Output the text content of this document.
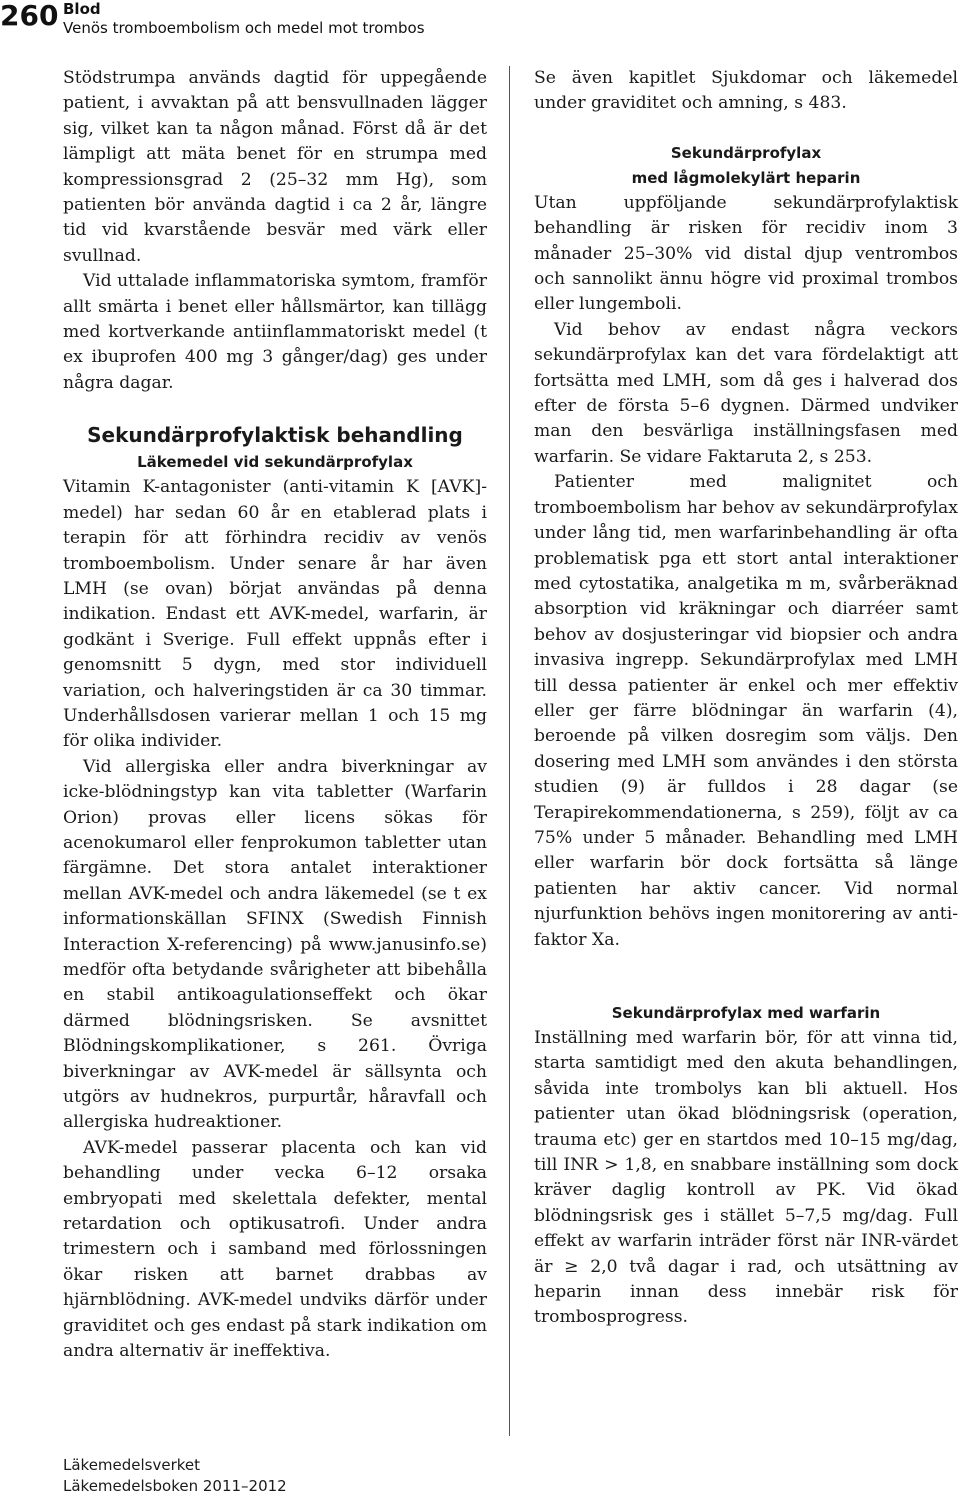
260 Blod
Venös tromboembolism och medel mot trombos

Stödstrumpa används dagtid för uppegående patient, i avvaktan på att bensvullnaden lägger sig, vilket kan ta någon månad. Först då är det lämpligt att mäta benet för en strumpa med kompressionsgrad 2 (25–32 mm Hg), som patienten bör använda dagtid i ca 2 år, längre tid vid kvarstående besvär med värk eller svullnad.

Vid uttalade inflammatoriska symtom, framför allt smärta i benet eller hållsmärtor, kan tillägg med kortverkande antiinflammatoriskt medel (t ex ibuprofen 400 mg 3 gånger/dag) ges under några dagar.

Sekundärprofylaktisk behandling
Läkemedel vid sekundärprofylax

Vitamin K-antagonister (anti-vitamin K [AVK]-medel) har sedan 60 år en etablerad plats i terapin för att förhindra recidiv av venös tromboembolism. Under senare år har även LMH (se ovan) börjat användas på denna indikation. Endast ett AVK-medel, warfarin, är godkänt i Sverige. Full effekt uppnås efter i genomsnitt 5 dygn, med stor individuell variation, och halveringstiden är ca 30 timmar. Underhållsdosen varierar mellan 1 och 15 mg för olika individer.

Vid allergiska eller andra biverkningar av icke-blödningstyp kan vita tabletter (Warfarin Orion) provas eller licens sökas för acenokumarol eller fenprokumon tabletter utan färgämne. Det stora antalet interaktioner mellan AVK-medel och andra läkemedel (se t ex informationskällan SFINX (Swedish Finnish Interaction X-referencing) på www.janusinfo.se) medför ofta betydande svårigheter att bibehålla en stabil antikoagulationseffekt och ökar därmed blödningsrisken. Se avsnittet Blödningskomplikationer, s 261. Övriga biverkningar av AVK-medel är sällsynta och utgörs av hudnekros, purpurtår, håravfall och allergiska hudreaktioner.

AVK-medel passerar placenta och kan vid behandling under vecka 6–12 orsaka embryopati med skelettala defekter, mental retardation och optikusatrofi. Under andra trimestern och i samband med förlossningen ökar risken att barnet drabbas av hjärnblödning. AVK-medel undviks därför under graviditet och ges endast på stark indikation om andra alternativ är ineffektiva.

Se även kapitlet Sjukdomar och läkemedel under graviditet och amning, s 483.

Sekundärprofylax
med lågmolekylärt heparin

Utan uppföljande sekundärprofylaktisk behandling är risken för recidiv inom 3 månader 25–30% vid distal djup ventrombos och sannolikt ännu högre vid proximal trombos eller lungemboli.

Vid behov av endast några veckors sekundärprofylax kan det vara fördelaktigt att fortsätta med LMH, som då ges i halverad dos efter de första 5–6 dygnen. Därmed undviker man den besvärliga inställningsfasen med warfarin. Se vidare Faktaruta 2, s 253.

Patienter med malignitet och tromboembolism har behov av sekundärprofylax under lång tid, men warfarinbehandling är ofta problematisk pga ett stort antal interaktioner med cytostatika, analgetika m m, svårberäknad absorption vid kräkningar och diarréer samt behov av dosjusteringar vid biopsier och andra invasiva ingrepp. Sekundärprofylax med LMH till dessa patienter är enkel och mer effektiv eller ger färre blödningar än warfarin (4), beroende på vilken dosregim som väljs. Den dosering med LMH som användes i den största studien (9) är fulldos i 28 dagar (se Terapirekommendationerna, s 259), följt av ca 75% under 5 månader. Behandling med LMH eller warfarin bör dock fortsätta så länge patienten har aktiv cancer. Vid normal njurfunktion behövs ingen monitorering av anti-faktor Xa.

Sekundärprofylax med warfarin

Inställning med warfarin bör, för att vinna tid, starta samtidigt med den akuta behandlingen, såvida inte trombolys kan bli aktuell. Hos patienter utan ökad blödningsrisk (operation, trauma etc) ger en startdos med 10–15 mg/dag, till INR > 1,8, en snabbare inställning som dock kräver daglig kontroll av PK. Vid ökad blödningsrisk ges i stället 5–7,5 mg/dag. Full effekt av warfarin inträder först när INR-värdet är ≥ 2,0 två dagar i rad, och utsättning av heparin innan dess innebär risk för trombosprogress.

Läkemedelsverket
Läkemedelsboken 2011–2012
